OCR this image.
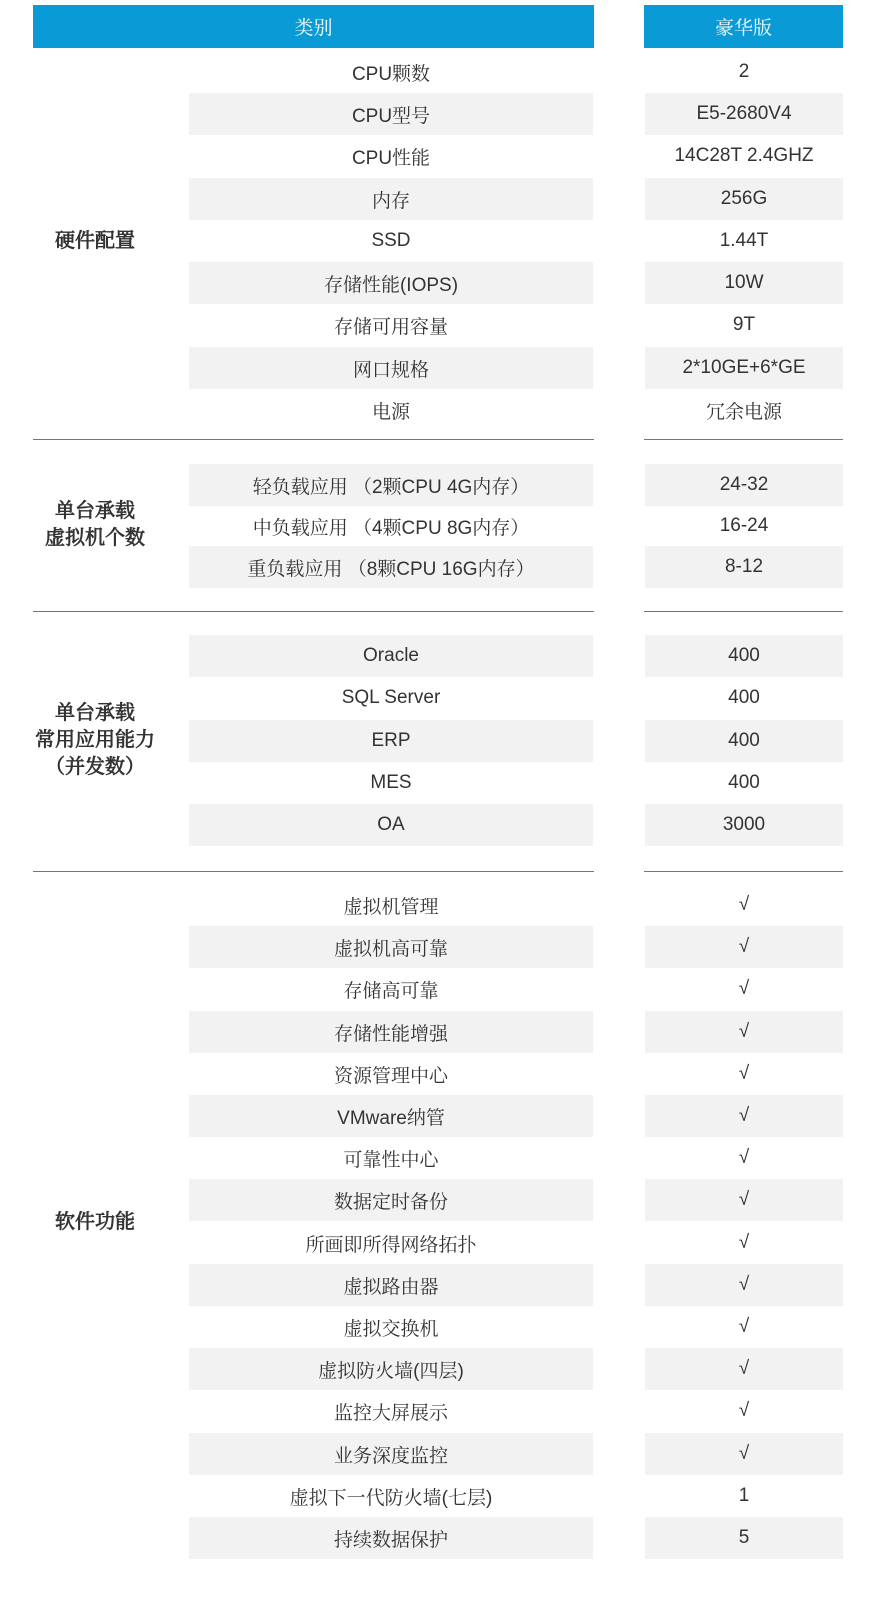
类别	豪华版
硬件配置
CPU颗数	2
CPU型号	E5-2680V4
CPU性能	14C28T 2.4GHZ
内存	256G
SSD	1.44T
存储性能(IOPS)	10W
存储可用容量	9T
网口规格	2*10GE+6*GE
电源	冗余电源
单台承载
虚拟机个数
轻负载应用 （2颗CPU 4G内存）	24-32
中负载应用 （4颗CPU 8G内存）	16-24
重负载应用 （8颗CPU 16G内存）	8-12
单台承载
常用应用能力
（并发数）
Oracle	400
SQL Server	400
ERP	400
MES	400
OA	3000
软件功能
虚拟机管理	√
虚拟机高可靠	√
存储高可靠	√
存储性能增强	√
资源管理中心	√
VMware纳管	√
可靠性中心	√
数据定时备份	√
所画即所得网络拓扑	√
虚拟路由器	√
虚拟交换机	√
虚拟防火墙(四层)	√
监控大屏展示	√
业务深度监控	√
虚拟下一代防火墙(七层)	1
持续数据保护	5
